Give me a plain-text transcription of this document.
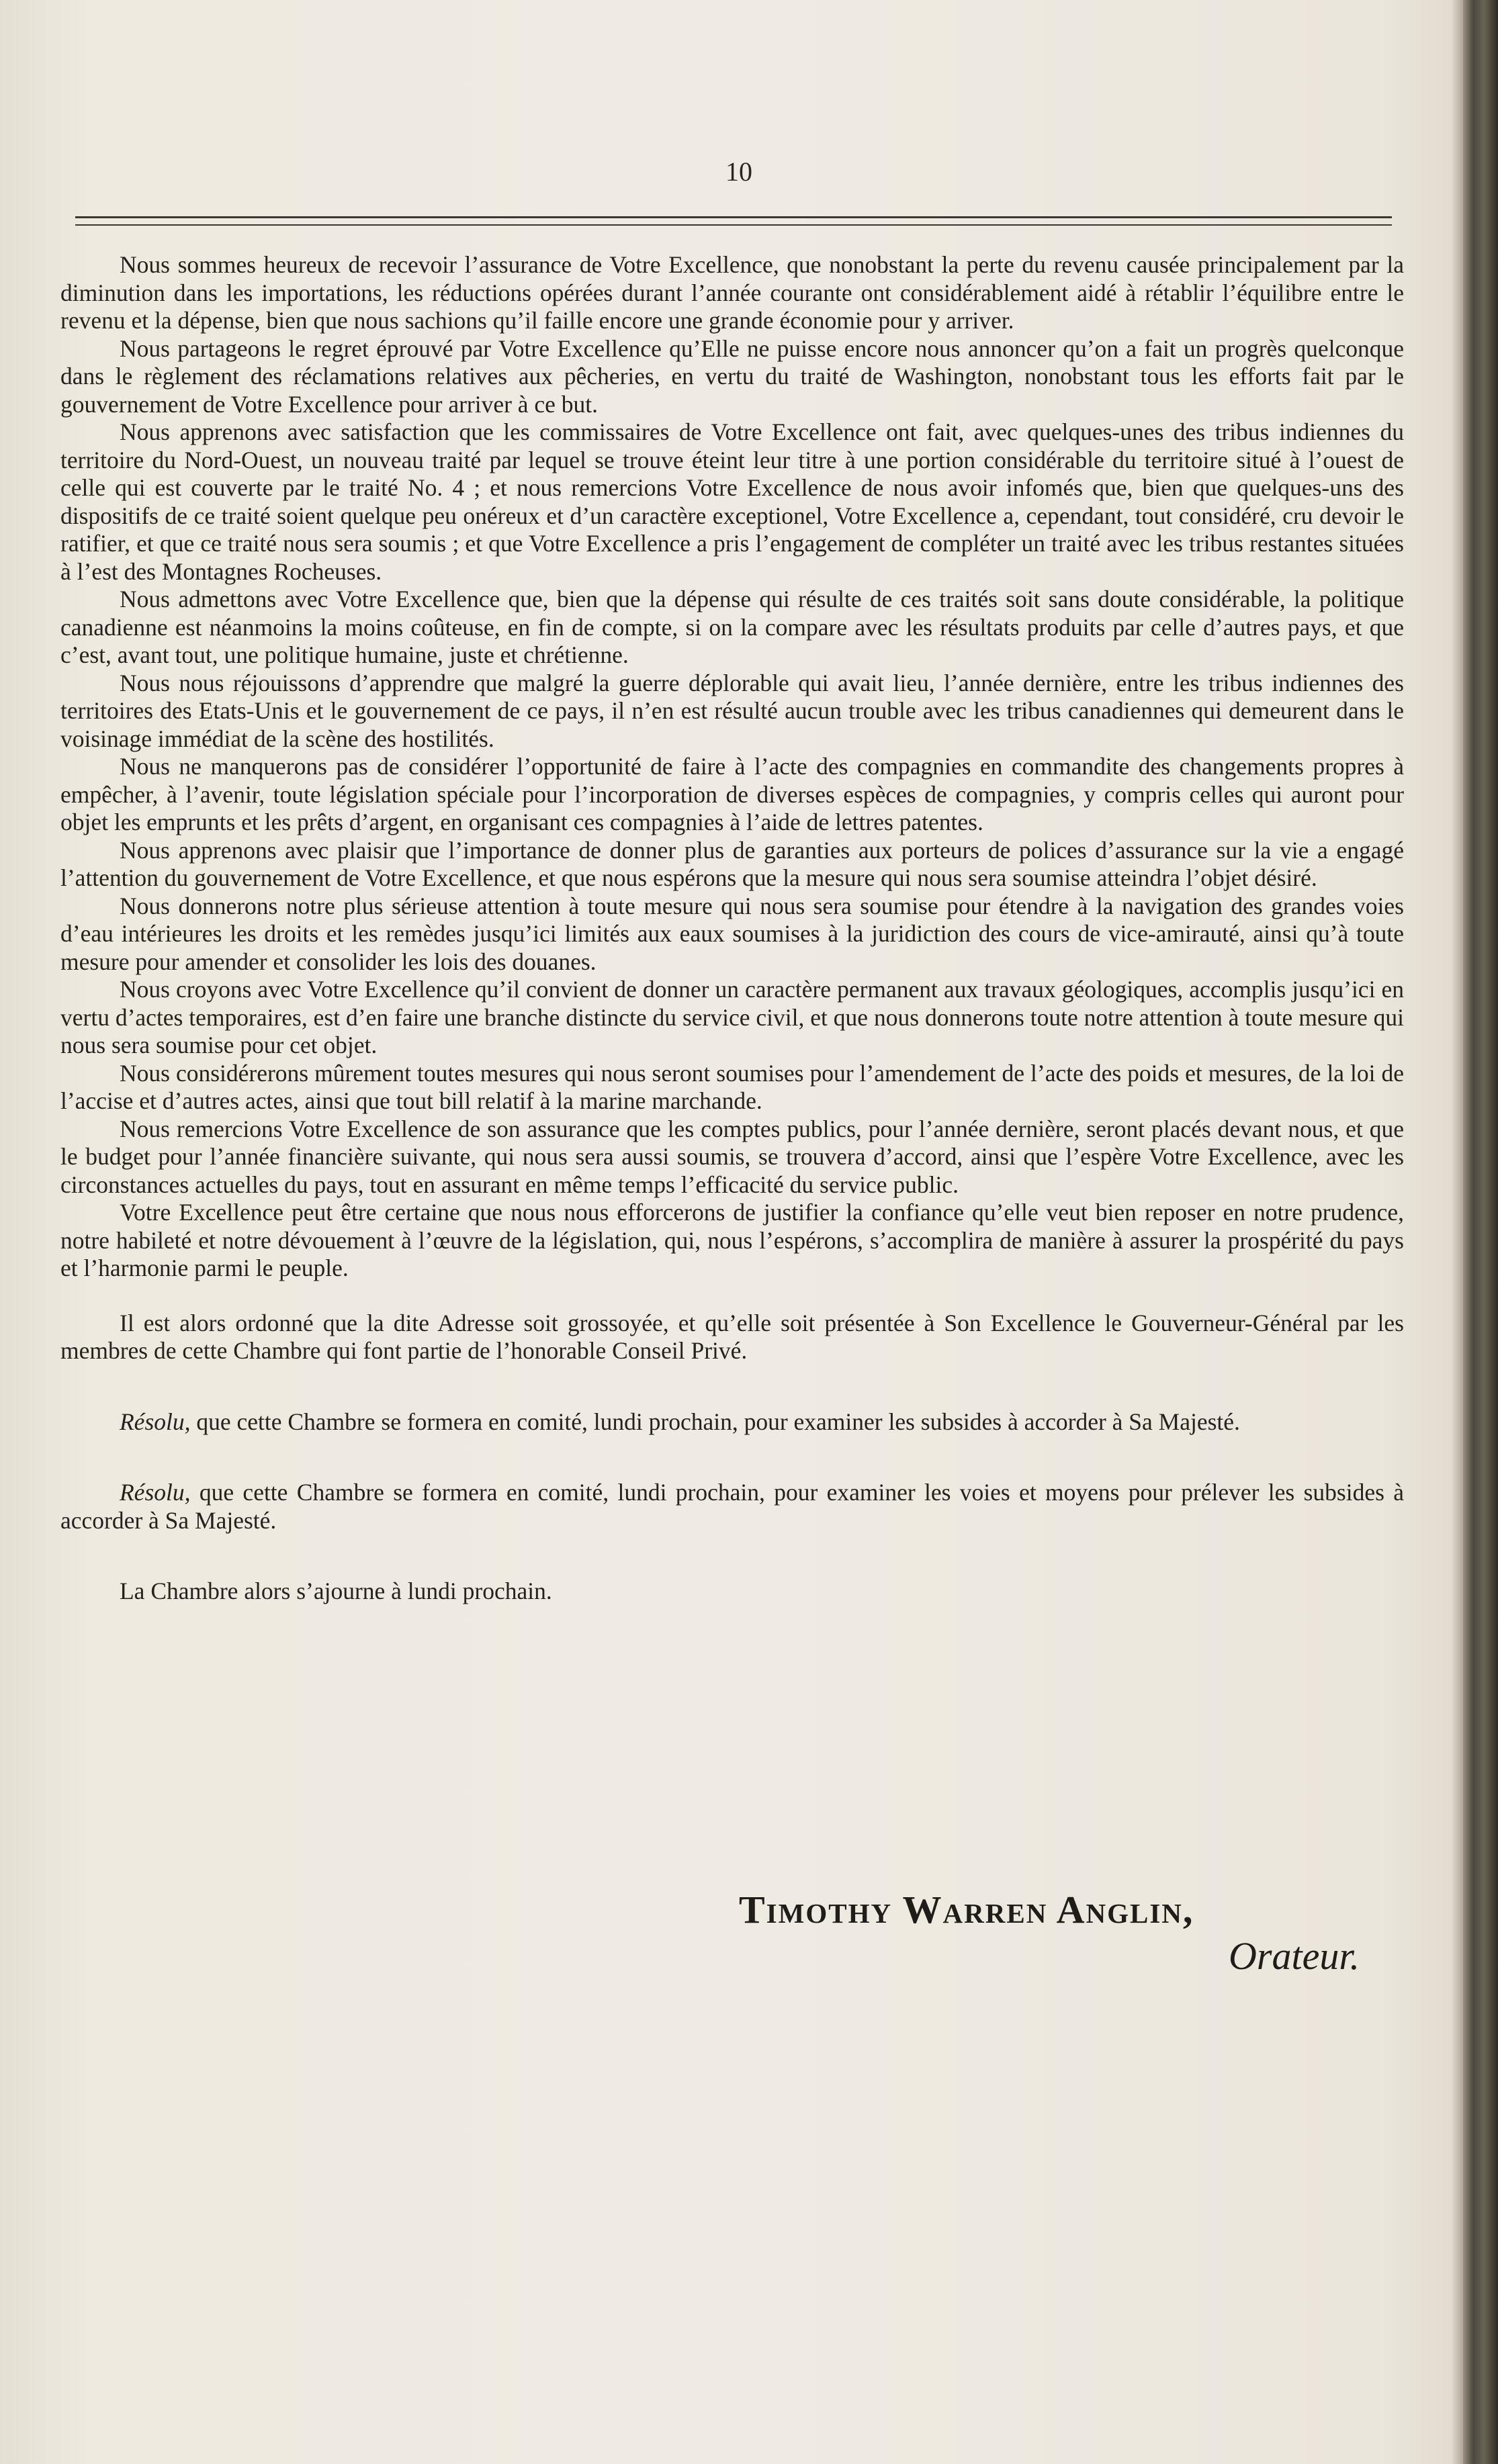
10

Nous sommes heureux de recevoir l’assurance de Votre Excellence, que nonobstant la perte du revenu causée principalement par la diminution dans les importations, les réductions opérées durant l’année courante ont considérablement aidé à rétablir l’équilibre entre le revenu et la dépense, bien que nous sachions qu’il faille encore une grande économie pour y arriver.

Nous partageons le regret éprouvé par Votre Excellence qu’Elle ne puisse encore nous annoncer qu’on a fait un progrès quelconque dans le règlement des réclamations relatives aux pêcheries, en vertu du traité de Washington, nonobstant tous les efforts fait par le gouvernement de Votre Excellence pour arriver à ce but.

Nous apprenons avec satisfaction que les commissaires de Votre Excellence ont fait, avec quelques-unes des tribus indiennes du territoire du Nord-Ouest, un nouveau traité par lequel se trouve éteint leur titre à une portion considérable du territoire situé à l’ouest de celle qui est couverte par le traité No. 4 ; et nous remercions Votre Excellence de nous avoir infomés que, bien que quelques-uns des dispositifs de ce traité soient quelque peu onéreux et d’un caractère exceptionel, Votre Excellence a, cependant, tout considéré, cru devoir le ratifier, et que ce traité nous sera soumis ; et que Votre Excellence a pris l’engagement de compléter un traité avec les tribus restantes situées à l’est des Montagnes Rocheuses.

Nous admettons avec Votre Excellence que, bien que la dépense qui résulte de ces traités soit sans doute considérable, la politique canadienne est néanmoins la moins coûteuse, en fin de compte, si on la compare avec les résultats produits par celle d’autres pays, et que c’est, avant tout, une politique humaine, juste et chrétienne.

Nous nous réjouissons d’apprendre que malgré la guerre déplorable qui avait lieu, l’année dernière, entre les tribus indiennes des territoires des Etats-Unis et le gouvernement de ce pays, il n’en est résulté aucun trouble avec les tribus canadiennes qui demeurent dans le voisinage immédiat de la scène des hostilités.

Nous ne manquerons pas de considérer l’opportunité de faire à l’acte des compagnies en commandite des changements propres à empêcher, à l’avenir, toute législation spéciale pour l’incorporation de diverses espèces de compagnies, y compris celles qui auront pour objet les emprunts et les prêts d’argent, en organisant ces compagnies à l’aide de lettres patentes.

Nous apprenons avec plaisir que l’importance de donner plus de garanties aux porteurs de polices d’assurance sur la vie a engagé l’attention du gouvernement de Votre Excellence, et que nous espérons que la mesure qui nous sera soumise atteindra l’objet désiré.

Nous donnerons notre plus sérieuse attention à toute mesure qui nous sera soumise pour étendre à la navigation des grandes voies d’eau intérieures les droits et les remèdes jusqu’ici limités aux eaux soumises à la juridiction des cours de vice-amirauté, ainsi qu’à toute mesure pour amender et consolider les lois des douanes.

Nous croyons avec Votre Excellence qu’il convient de donner un caractère permanent aux travaux géologiques, accomplis jusqu’ici en vertu d’actes temporaires, est d’en faire une branche distincte du service civil, et que nous donnerons toute notre attention à toute mesure qui nous sera soumise pour cet objet.

Nous considérerons mûrement toutes mesures qui nous seront soumises pour l’amendement de l’acte des poids et mesures, de la loi de l’accise et d’autres actes, ainsi que tout bill relatif à la marine marchande.

Nous remercions Votre Excellence de son assurance que les comptes publics, pour l’année dernière, seront placés devant nous, et que le budget pour l’année financière suivante, qui nous sera aussi soumis, se trouvera d’accord, ainsi que l’espère Votre Excellence, avec les circonstances actuelles du pays, tout en assurant en même temps l’efficacité du service public.

Votre Excellence peut être certaine que nous nous efforcerons de justifier la confiance qu’elle veut bien reposer en notre prudence, notre habileté et notre dévouement à l’œuvre de la législation, qui, nous l’espérons, s’accomplira de manière à assurer la prospérité du pays et l’harmonie parmi le peuple.

Il est alors ordonné que la dite Adresse soit grossoyée, et qu’elle soit présentée à Son Excellence le Gouverneur-Général par les membres de cette Chambre qui font partie de l’honorable Conseil Privé.

Résolu, que cette Chambre se formera en comité, lundi prochain, pour examiner les subsides à accorder à Sa Majesté.

Résolu, que cette Chambre se formera en comité, lundi prochain, pour examiner les voies et moyens pour prélever les subsides à accorder à Sa Majesté.

La Chambre alors s’ajourne à lundi prochain.

Timothy Warren Anglin,
Orateur.
